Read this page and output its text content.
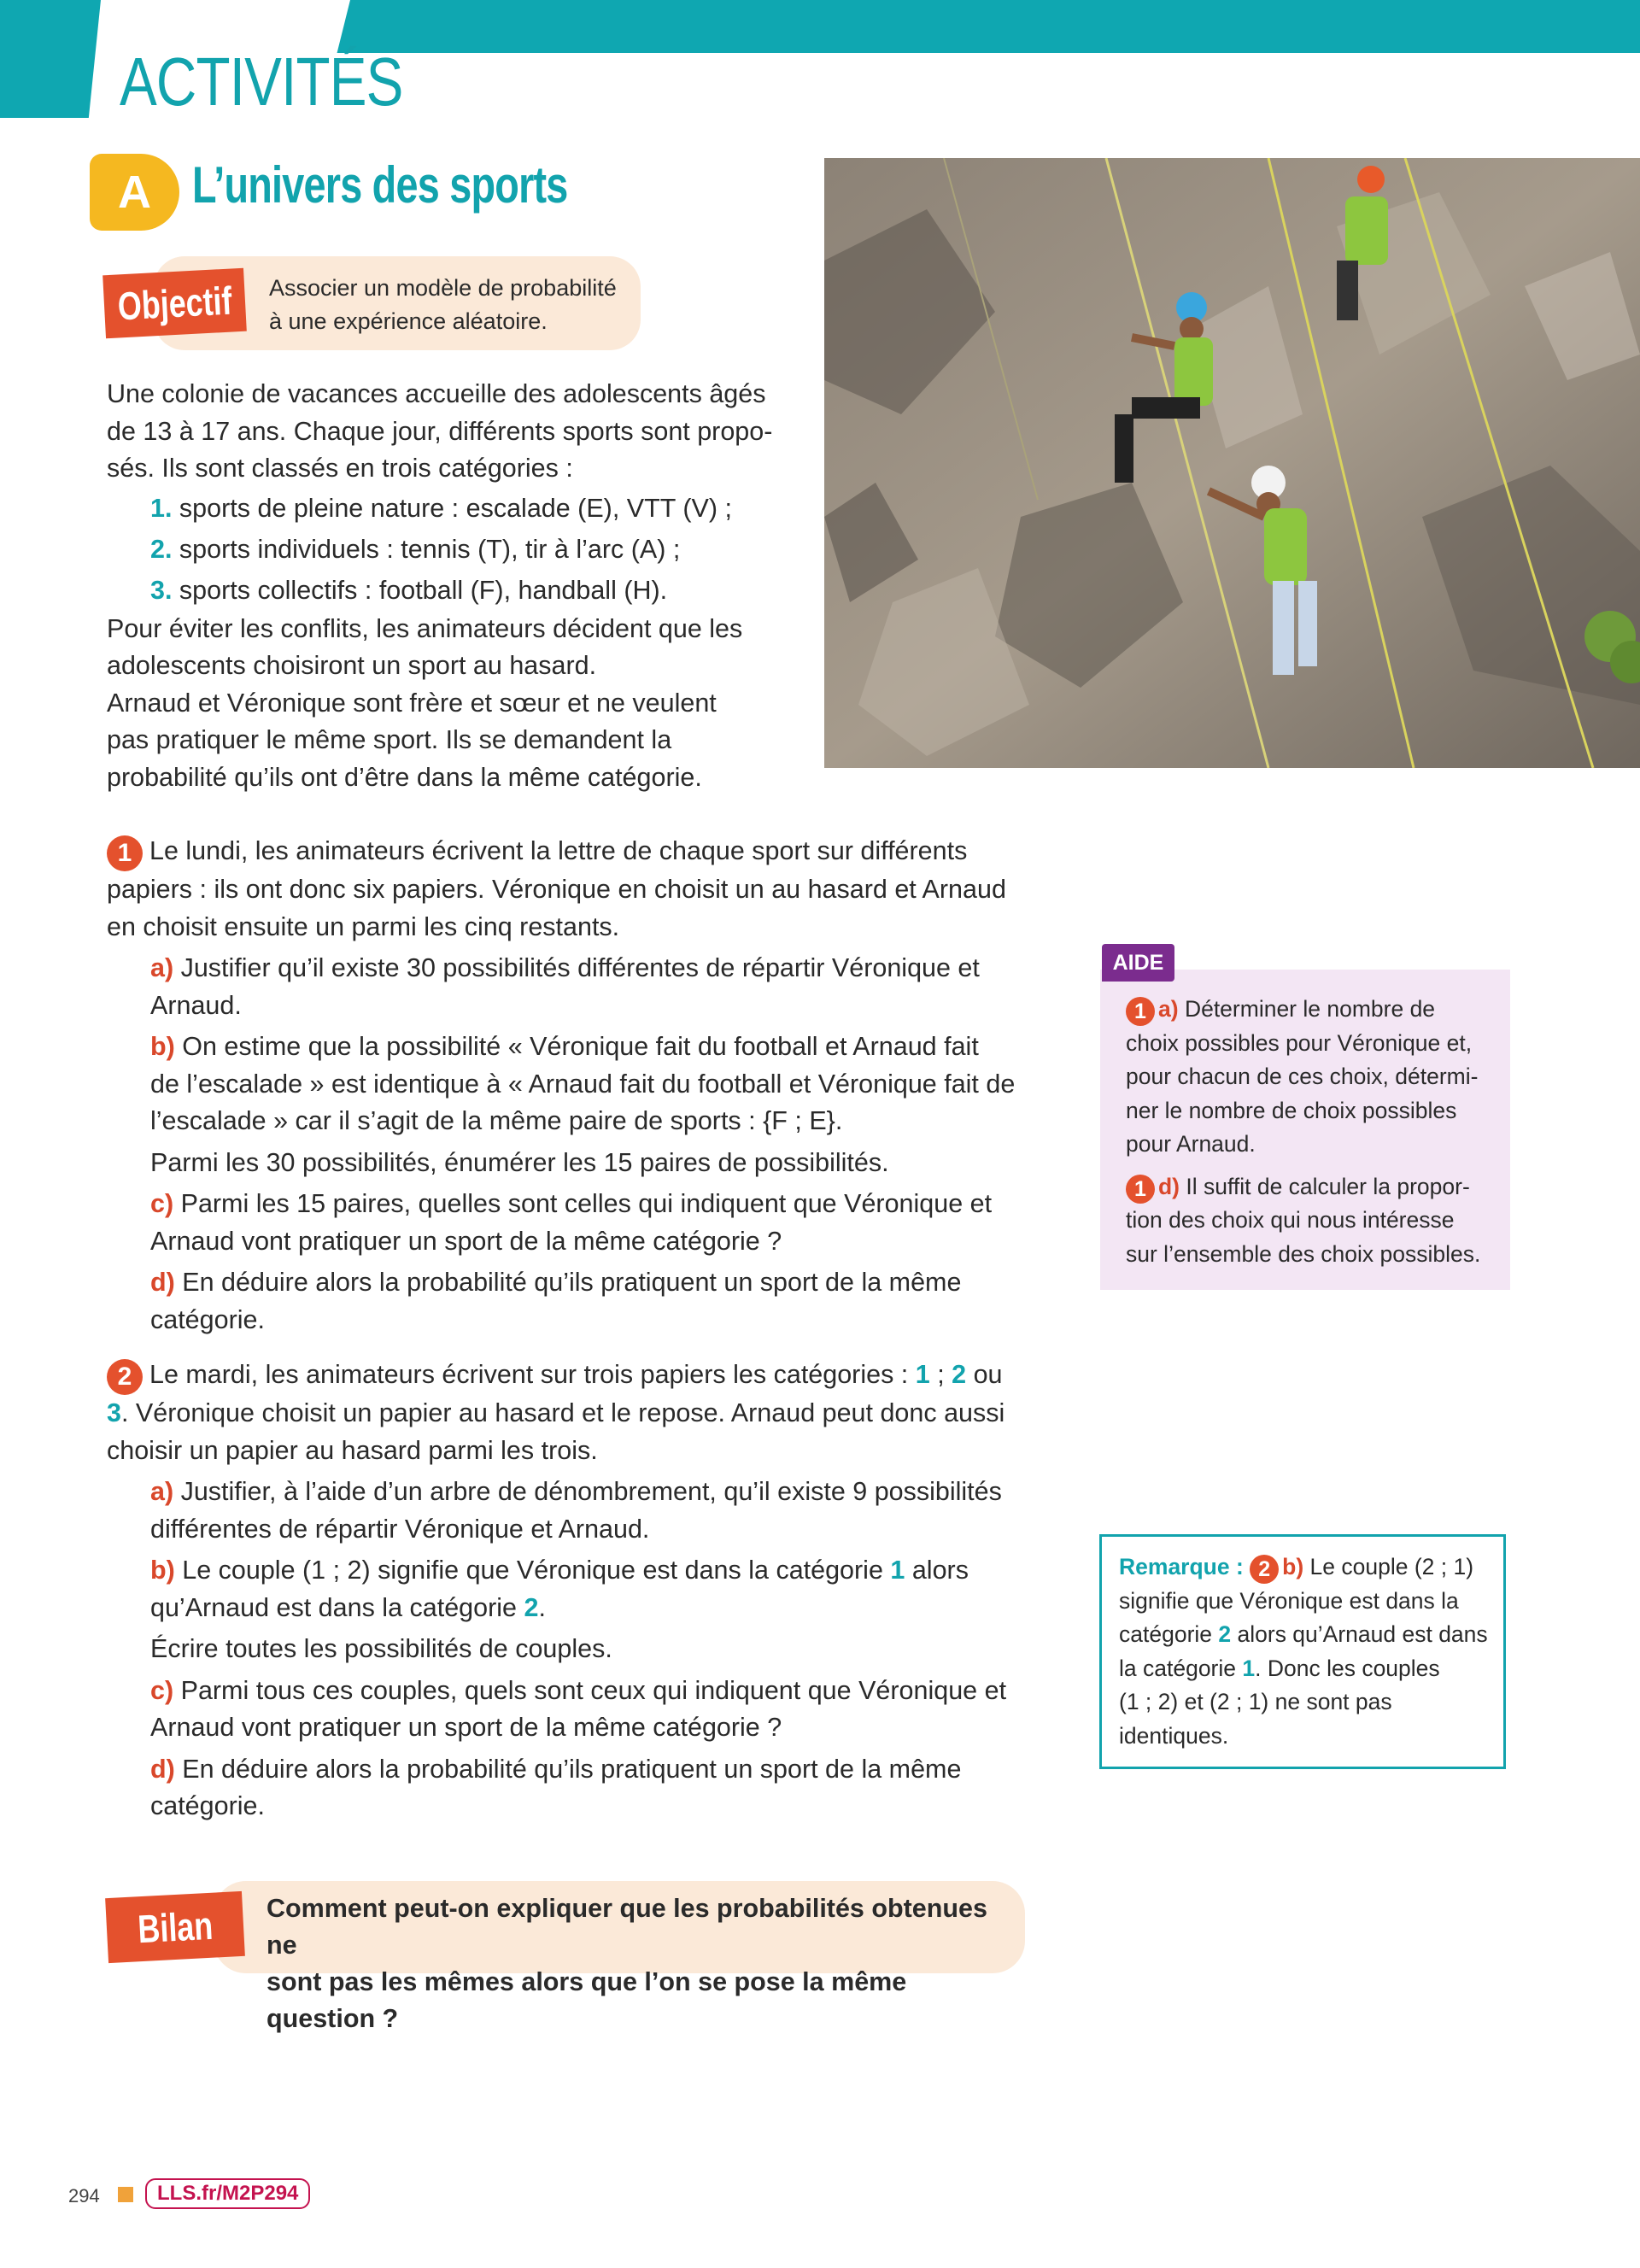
ACTIVITÉS
A L’univers des sports
Objectif Associer un modèle de probabilité
à une expérience aléatoire.
Une colonie de vacances accueille des adolescents âgés
de 13 à 17 ans. Chaque jour, différents sports sont propo-
sés. Ils sont classés en trois catégories :
1. sports de pleine nature : escalade (E), VTT (V) ;
2. sports individuels : tennis (T), tir à l’arc (A) ;
3. sports collectifs : football (F), handball (H).
Pour éviter les conflits, les animateurs décident que les
adolescents choisiront un sport au hasard.
Arnaud et Véronique sont frère et sœur et ne veulent
pas pratiquer le même sport. Ils se demandent la
probabilité qu’ils ont d’être dans la même catégorie.
1 Le lundi, les animateurs écrivent la lettre de chaque sport sur différents
papiers : ils ont donc six papiers. Véronique en choisit un au hasard et Arnaud
en choisit ensuite un parmi les cinq restants.
a) Justifier qu’il existe 30 possibilités différentes de répartir Véronique et
Arnaud.
b) On estime que la possibilité « Véronique fait du football et Arnaud fait
de l’escalade » est identique à « Arnaud fait du football et Véronique fait de
l’escalade » car il s’agit de la même paire de sports : {F ; E}.
Parmi les 30 possibilités, énumérer les 15 paires de possibilités.
c) Parmi les 15 paires, quelles sont celles qui indiquent que Véronique et
Arnaud vont pratiquer un sport de la même catégorie ?
d) En déduire alors la probabilité qu’ils pratiquent un sport de la même
catégorie.
2 Le mardi, les animateurs écrivent sur trois papiers les catégories : 1 ; 2 ou
3. Véronique choisit un papier au hasard et le repose. Arnaud peut donc aussi
choisir un papier au hasard parmi les trois.
a) Justifier, à l’aide d’un arbre de dénombrement, qu’il existe 9 possibilités
différentes de répartir Véronique et Arnaud.
b) Le couple (1 ; 2) signifie que Véronique est dans la catégorie 1 alors
qu’Arnaud est dans la catégorie 2.
Écrire toutes les possibilités de couples.
c) Parmi tous ces couples, quels sont ceux qui indiquent que Véronique et
Arnaud vont pratiquer un sport de la même catégorie ?
d) En déduire alors la probabilité qu’ils pratiquent un sport de la même
catégorie.
AIDE
1 a) Déterminer le nombre de
choix possibles pour Véronique et,
pour chacun de ces choix, détermi-
ner le nombre de choix possibles
pour Arnaud.
1 d) Il suffit de calculer la propor-
tion des choix qui nous intéresse
sur l’ensemble des choix possibles.
Remarque : 2 b) Le couple (2 ; 1)
signifie que Véronique est dans la
catégorie 2 alors qu’Arnaud est dans
la catégorie 1. Donc les couples
(1 ; 2) et (2 ; 1) ne sont pas
identiques.
Bilan Comment peut-on expliquer que les probabilités obtenues ne
sont pas les mêmes alors que l’on se pose la même question ?
294	LLS.fr/M2P294
